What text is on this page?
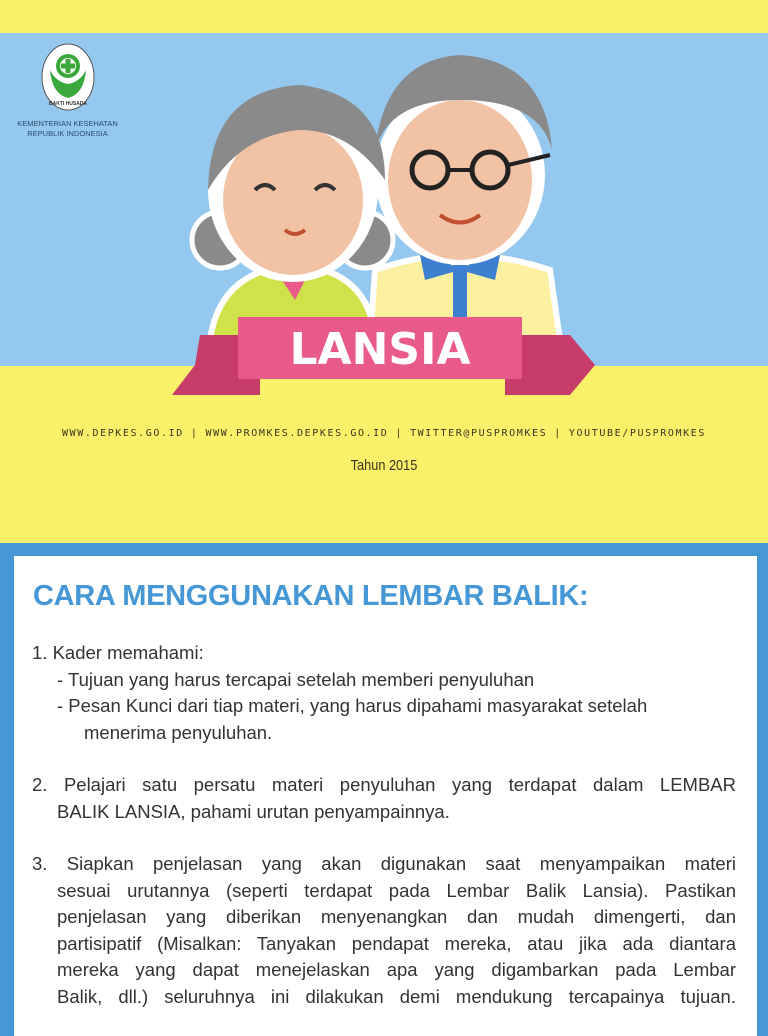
BAKTI HUSADA
KEMENTERIAN KESEHATAN
REPUBLIK INDONESIA
LANSIA
WWW.DEPKES.GO.ID | WWW.PROMKES.DEPKES.GO.ID | TWITTER@PUSPROMKES | YOUTUBE/PUSPROMKES
Tahun 2015
CARA MENGGUNAKAN LEMBAR BALIK:
1. Kader memahami:
- Tujuan yang harus tercapai setelah memberi penyuluhan
- Pesan Kunci dari tiap materi, yang harus dipahami masyarakat setelah
menerima penyuluhan.
2. Pelajari satu persatu materi penyuluhan yang terdapat dalam LEMBAR
BALIK LANSIA, pahami urutan penyampainnya.
3. Siapkan penjelasan yang akan digunakan saat menyampaikan materi
sesuai urutannya (seperti terdapat pada Lembar Balik Lansia). Pastikan
penjelasan yang diberikan menyenangkan dan mudah dimengerti, dan
partisipatif (Misalkan: Tanyakan pendapat mereka, atau jika ada diantara
mereka yang dapat menejelaskan apa yang digambarkan pada Lembar
Balik, dll.) seluruhnya ini dilakukan demi mendukung tercapainya tujuan.
